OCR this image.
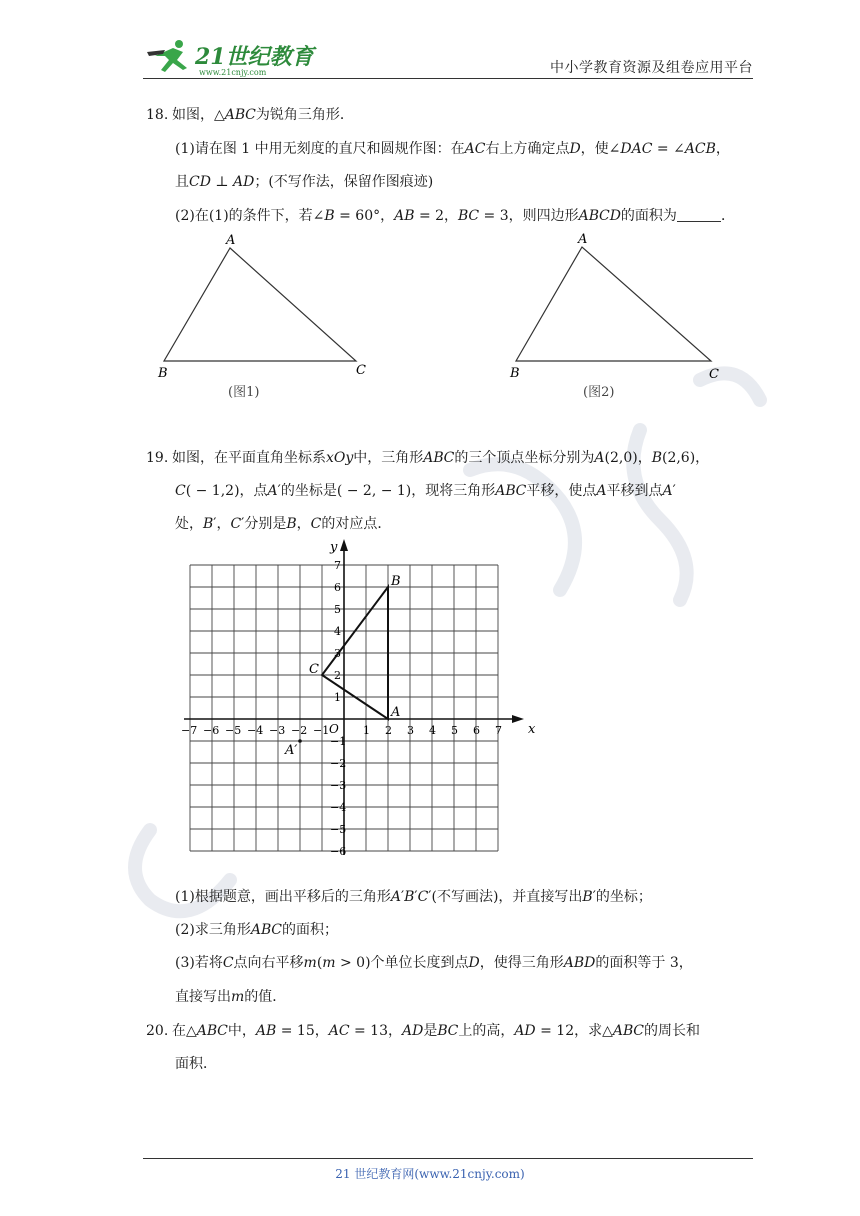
21世纪教育
www.21cnjy.com	中小学教育资源及组卷应用平台
18. 如图，△𝐴𝐵𝐶为锐角三角形．
(1)请在图 1 中用无刻度的直尺和圆规作图：在𝐴𝐶右上方确定点𝐷，使∠𝐷𝐴𝐶 = ∠𝐴𝐶𝐵，
且𝐶𝐷 ⊥ 𝐴𝐷；(不写作法，保留作图痕迹)
(2)在(1)的条件下，若∠𝐵 = 60°，𝐴𝐵 = 2，𝐵𝐶 = 3，则四边形𝐴𝐵𝐶𝐷的面积为	．
A
B	C
(图1)
A
B	C
(图2)
19. 如图，在平面直角坐标系𝑥𝑂𝑦中，三角形𝐴𝐵𝐶的三个顶点坐标分别为𝐴(2,0)，𝐵(2,6)，
𝐶( − 1,2)，点𝐴′的坐标是( − 2, − 1)，现将三角形𝐴𝐵𝐶平移，使点𝐴平移到点𝐴′
处，𝐵′，𝐶′分别是𝐵，𝐶的对应点．
x
y
O
−7 −6 −5 −4 −3 −2 −1	1 2 3 4 5 6 7
7
6
5
4
3
2
1
−1
−2
−3
−4
−5
−6
A
B
C
A′
(1)根据题意，画出平移后的三角形𝐴′𝐵′𝐶′(不写画法)，并直接写出𝐵′的坐标；
(2)求三角形𝐴𝐵𝐶的面积；
(3)若将𝐶点向右平移𝑚(𝑚 > 0)个单位长度到点𝐷，使得三角形𝐴𝐵𝐷的面积等于 3，
直接写出𝑚的值．
20. 在△𝐴𝐵𝐶中，𝐴𝐵 = 15，𝐴𝐶 = 13，𝐴𝐷是𝐵𝐶上的高，𝐴𝐷 = 12，求△𝐴𝐵𝐶的周长和
面积．
21 世纪教育网(www.21cnjy.com)
